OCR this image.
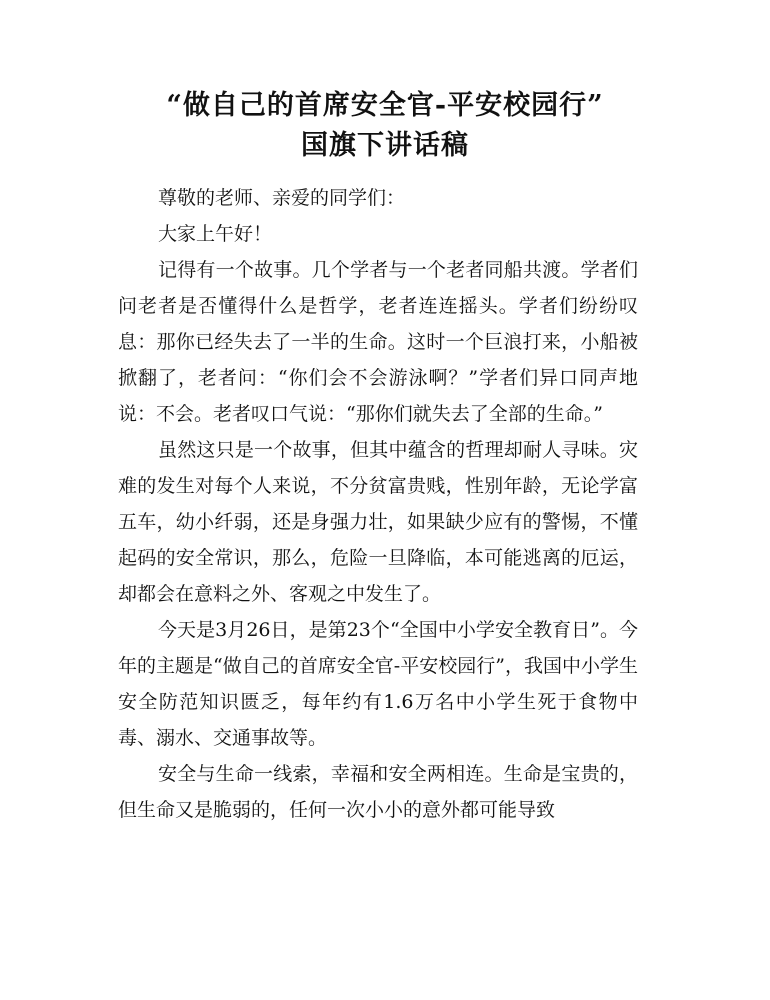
“做自己的首席安全官-平安校园行”
国旗下讲话稿

尊敬的老师、亲爱的同学们：

大家上午好！

记得有一个故事。几个学者与一个老者同船共渡。学者们问老者是否懂得什么是哲学，老者连连摇头。学者们纷纷叹息：那你已经失去了一半的生命。这时一个巨浪打来，小船被掀翻了，老者问：“你们会不会游泳啊？”学者们异口同声地说：不会。老者叹口气说：“那你们就失去了全部的生命。”

虽然这只是一个故事，但其中蕴含的哲理却耐人寻味。灾难的发生对每个人来说，不分贫富贵贱，性别年龄，无论学富五车，幼小纤弱，还是身强力壮，如果缺少应有的警惕，不懂起码的安全常识，那么，危险一旦降临，本可能逃离的厄运，却都会在意料之外、客观之中发生了。

今天是3月26日，是第23个“全国中小学安全教育日”。今年的主题是“做自己的首席安全官-平安校园行”，我国中小学生安全防范知识匮乏，每年约有1.6万名中小学生死于食物中毒、溺水、交通事故等。

安全与生命一线索，幸福和安全两相连。生命是宝贵的，但生命又是脆弱的，任何一次小小的意外都可能导致
